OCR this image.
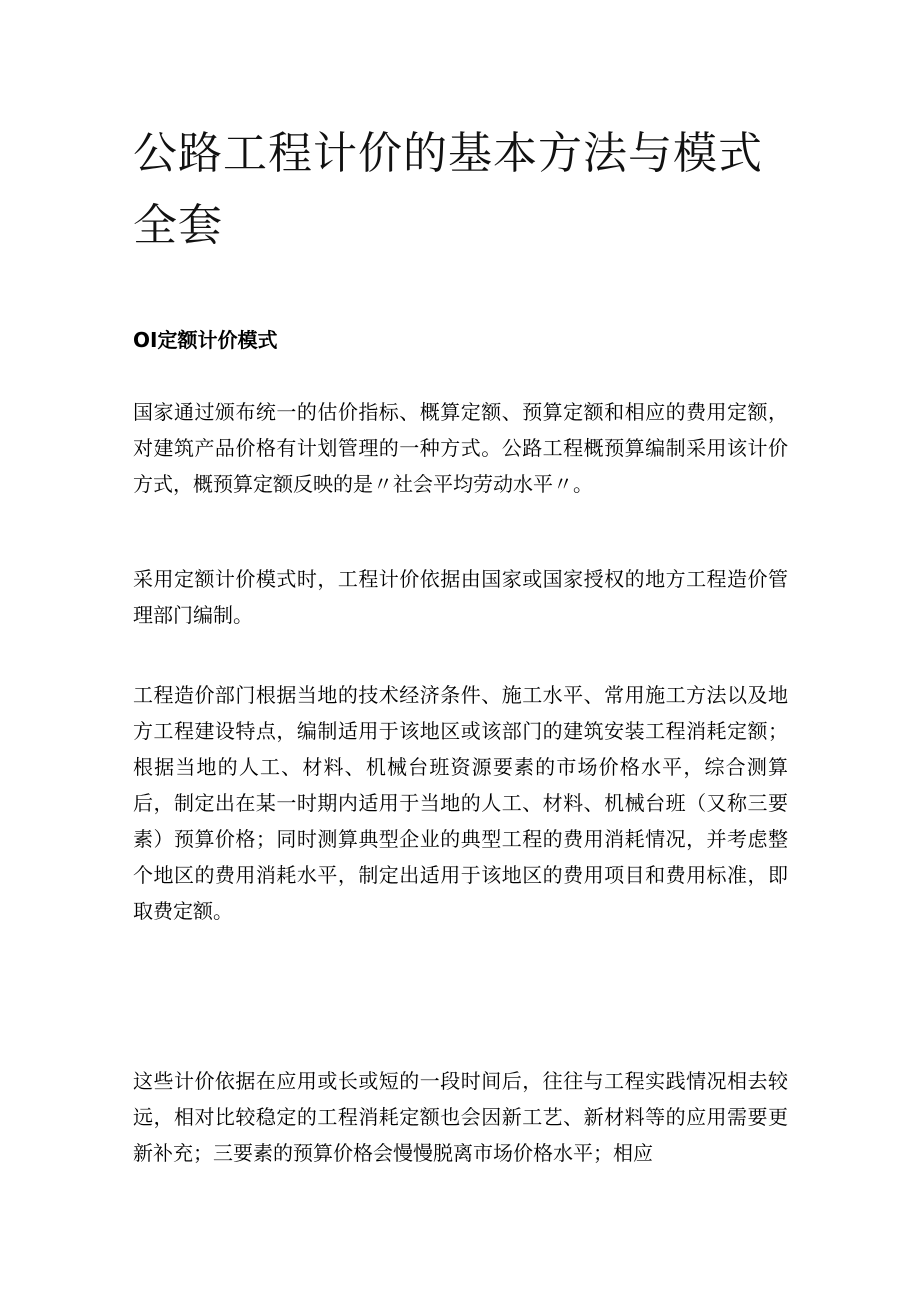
公路工程计价的基本方法与模式全套
OI定额计价模式

国家通过颁布统一的估价指标、概算定额、预算定额和相应的费用定额，对建筑产品价格有计划管理的一种方式。公路工程概预算编制采用该计价方式，概预算定额反映的是〃社会平均劳动水平〃。

采用定额计价模式时，工程计价依据由国家或国家授权的地方工程造价管理部门编制。

工程造价部门根据当地的技术经济条件、施工水平、常用施工方法以及地方工程建设特点，编制适用于该地区或该部门的建筑安装工程消耗定额；根据当地的人工、材料、机械台班资源要素的市场价格水平，综合测算后，制定出在某一时期内适用于当地的人工、材料、机械台班（又称三要素）预算价格；同时测算典型企业的典型工程的费用消耗情况，并考虑整个地区的费用消耗水平，制定出适用于该地区的费用项目和费用标准，即取费定额。

这些计价依据在应用或长或短的一段时间后，往往与工程实践情况相去较远，相对比较稳定的工程消耗定额也会因新工艺、新材料等的应用需要更新补充；三要素的预算价格会慢慢脱离市场价格水平；相应
